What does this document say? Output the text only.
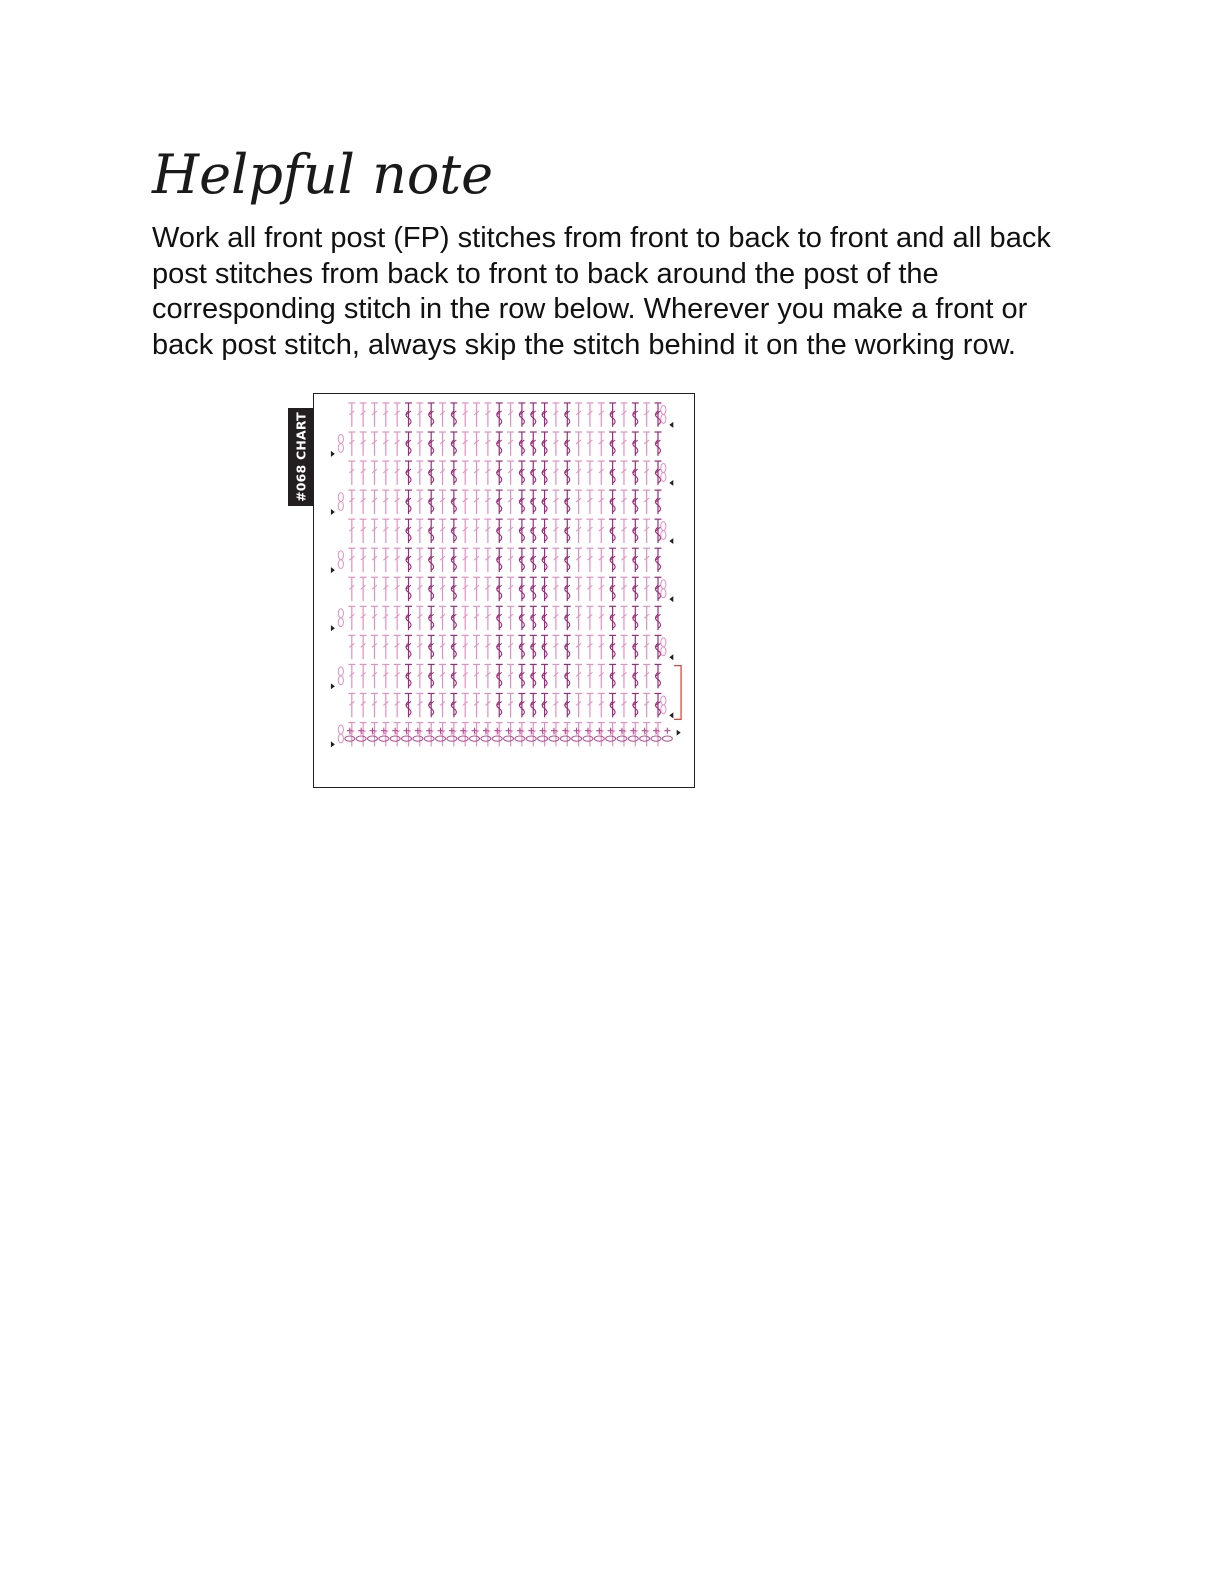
Helpful note

Work all front post (FP) stitches from front to back to front and all back post stitches from back to front to back around the post of the corresponding stitch in the row below. Wherever you make a front or back post stitch, always skip the stitch behind it on the working row.

#068 CHART
